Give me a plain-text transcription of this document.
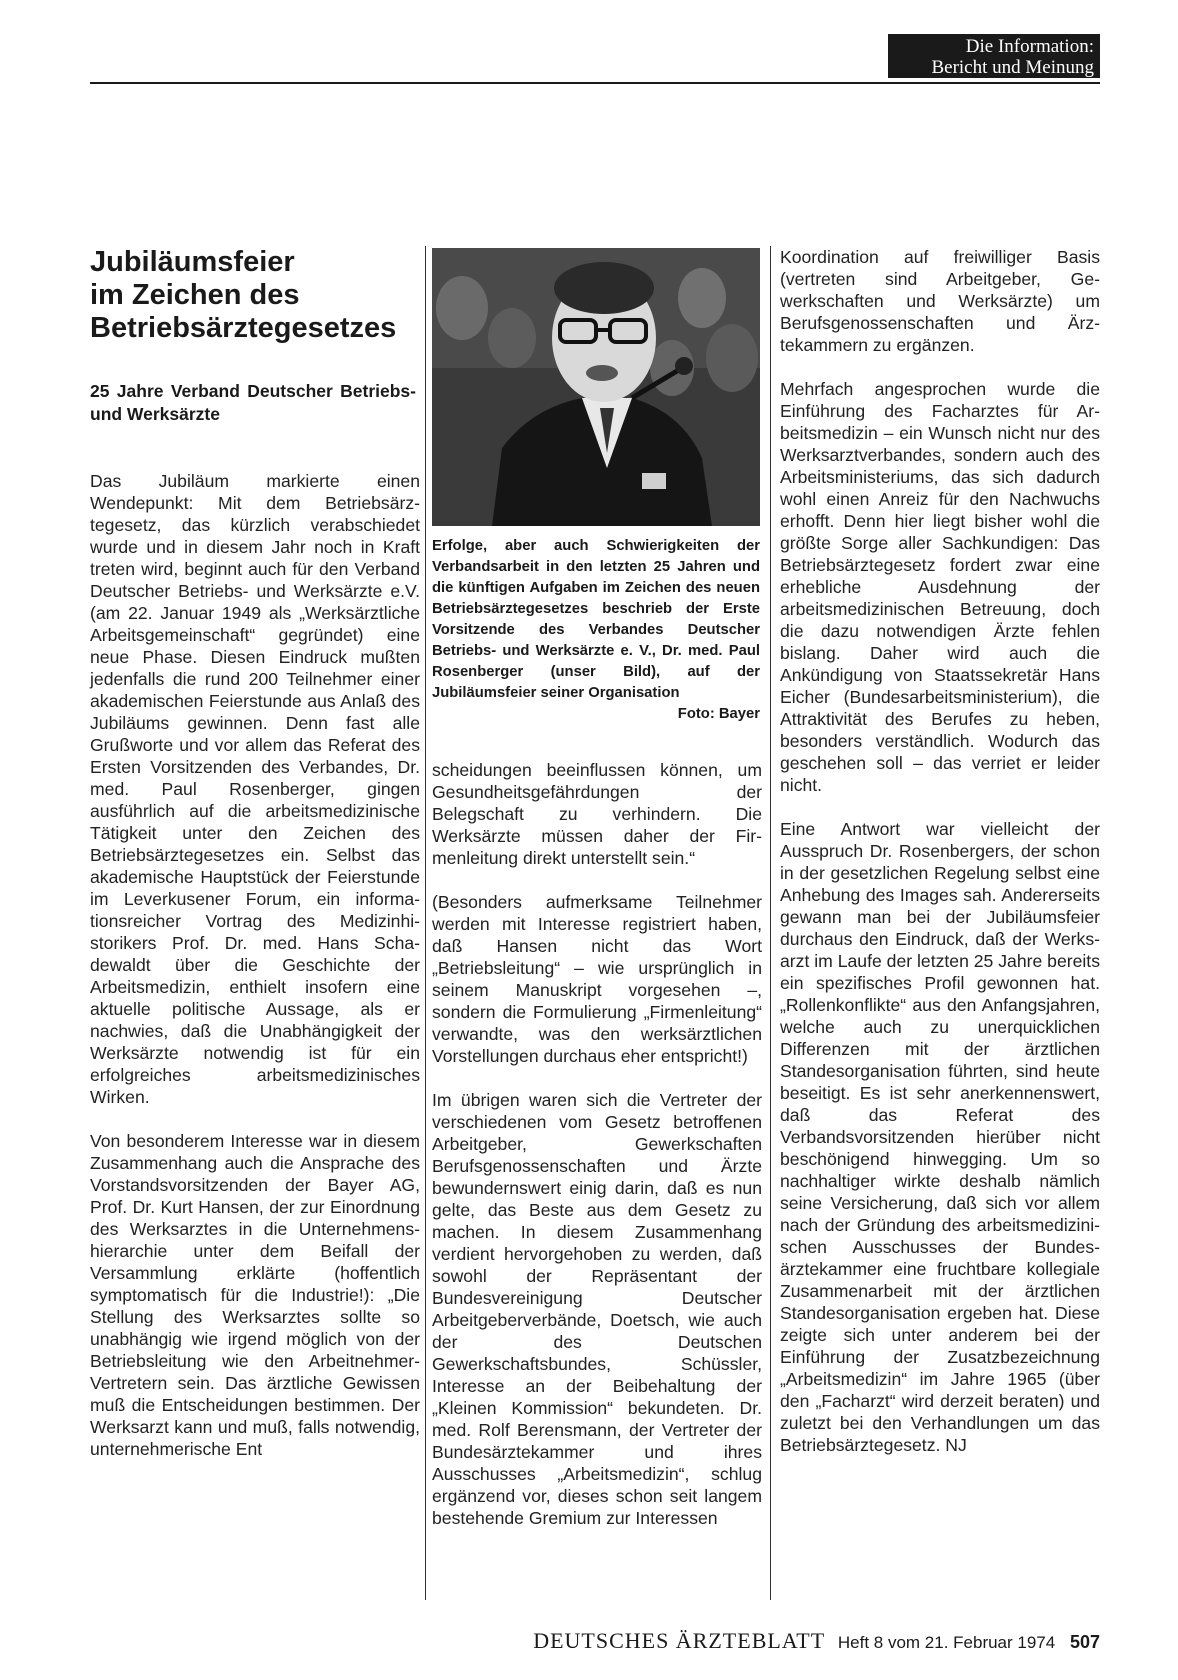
Die Information:
Bericht und Meinung
Jubiläumsfeier
im Zeichen des
Betriebsärztegesetzes

25 Jahre Verband Deutscher Betriebs- und Werksärzte

Das Jubiläum markierte einen Wendepunkt: Mit dem Betriebsärztegesetz, das kürzlich verabschiedet wurde und in diesem Jahr noch in Kraft treten wird, beginnt auch für den Verband Deutscher Betriebs- und Werksärzte e.V. (am 22. Januar 1949 als „Werksärztliche Arbeitsgemeinschaft“ gegründet) eine neue Phase. Diesen Eindruck mußten jedenfalls die rund 200 Teilnehmer einer akademischen Feierstunde aus Anlaß des Jubiläums gewinnen. Denn fast alle Grußworte und vor allem das Referat des Ersten Vorsitzenden des Verbandes, Dr. med. Paul Rosenberger, gingen ausführlich auf die arbeitsmedizinische Tätigkeit unter den Zeichen des Betriebsärztegesetzes ein. Selbst das akademische Hauptstück der Feierstunde im Leverkusener Forum, ein informationsreicher Vortrag des Medizinhistorikers Prof. Dr. med. Hans Schadewaldt über die Geschichte der Arbeitsmedizin, enthielt insofern eine aktuelle politische Aussage, als er nachwies, daß die Unabhängigkeit der Werksärzte notwendig ist für ein erfolgreiches arbeitsmedizinisches Wirken.

Von besonderem Interesse war in diesem Zusammenhang auch die Ansprache des Vorstandsvorsitzenden der Bayer AG, Prof. Dr. Kurt Hansen, der zur Einordnung des Werksarztes in die Unternehmenshierarchie unter dem Beifall der Versammlung erklärte (hoffentlich symptomatisch für die Industrie!): „Die Stellung des Werksarztes sollte so unabhängig wie irgend möglich von der Betriebsleitung wie den Arbeitnehmer-Vertretern sein. Das ärztliche Gewissen muß die Entscheidungen bestimmen. Der Werksarzt kann und muß, falls notwendig, unternehmerische Ent

Erfolge, aber auch Schwierigkeiten der Verbandsarbeit in den letzten 25 Jahren und die künftigen Aufgaben im Zeichen des neuen Betriebsärztegesetzes beschrieb der Erste Vorsitzende des Verbandes Deutscher Betriebs- und Werksärzte e. V., Dr. med. Paul Rosenberger (unser Bild), auf der Jubiläumsfeier seiner Organisation
Foto: Bayer

scheidungen beeinflussen können, um Gesundheitsgefährdungen der Belegschaft zu verhindern. Die Werksärzte müssen daher der Firmenleitung direkt unterstellt sein.“

(Besonders aufmerksame Teilnehmer werden mit Interesse registriert haben, daß Hansen nicht das Wort „Betriebsleitung“ – wie ursprünglich in seinem Manuskript vorgesehen –, sondern die Formulierung „Firmenleitung“ verwandte, was den werksärztlichen Vorstellungen durchaus eher entspricht!)

Im übrigen waren sich die Vertreter der verschiedenen vom Gesetz betroffenen Arbeitgeber, Gewerkschaften Berufsgenossenschaften und Ärzte bewundernswert einig darin, daß es nun gelte, das Beste aus dem Gesetz zu machen. In diesem Zusammenhang verdient hervorgehoben zu werden, daß sowohl der Repräsentant der Bundesvereinigung Deutscher Arbeitgeberverbände, Doetsch, wie auch der des Deutschen Gewerkschaftsbundes, Schüssler, Interesse an der Beibehaltung der „Kleinen Kommission“ bekundeten. Dr. med. Rolf Berensmann, der Vertreter der Bundesärztekammer und ihres Ausschusses „Arbeitsmedizin“, schlug ergänzend vor, dieses schon seit langem bestehende Gremium zur Interessen

Koordination auf freiwilliger Basis (vertreten sind Arbeitgeber, Gewerkschaften und Werksärzte) um Berufsgenossenschaften und Ärztekammern zu ergänzen.

Mehrfach angesprochen wurde die Einführung des Facharztes für Arbeitsmedizin – ein Wunsch nicht nur des Werksarztverbandes, sondern auch des Arbeitsministeriums, das sich dadurch wohl einen Anreiz für den Nachwuchs erhofft. Denn hier liegt bisher wohl die größte Sorge aller Sachkundigen: Das Betriebsärztegesetz fordert zwar eine erhebliche Ausdehnung der arbeitsmedizinischen Betreuung, doch die dazu notwendigen Ärzte fehlen bislang. Daher wird auch die Ankündigung von Staatssekretär Hans Eicher (Bundesarbeitsministerium), die Attraktivität des Berufes zu heben, besonders verständlich. Wodurch das geschehen soll – das verriet er leider nicht.

Eine Antwort war vielleicht der Ausspruch Dr. Rosenbergers, der schon in der gesetzlichen Regelung selbst eine Anhebung des Images sah. Andererseits gewann man bei der Jubiläumsfeier durchaus den Eindruck, daß der Werksarzt im Laufe der letzten 25 Jahre bereits ein spezifisches Profil gewonnen hat. „Rollenkonflikte“ aus den Anfangsjahren, welche auch zu unerquicklichen Differenzen mit der ärztlichen Standesorganisation führten, sind heute beseitigt. Es ist sehr anerkennenswert, daß das Referat des Verbandsvorsitzenden hierüber nicht beschönigend hinwegging. Um so nachhaltiger wirkte deshalb nämlich seine Versicherung, daß sich vor allem nach der Gründung des arbeitsmedizinischen Ausschusses der Bundesärztekammer eine fruchtbare kollegiale Zusammenarbeit mit der ärztlichen Standesorganisation ergeben hat. Diese zeigte sich unter anderem bei der Einführung der Zusatzbezeichnung „Arbeitsmedizin“ im Jahre 1965 (über den „Facharzt“ wird derzeit beraten) und zuletzt bei den Verhandlungen um das Betriebsärztegesetz. NJ

DEUTSCHES ÄRZTEBLATT Heft 8 vom 21. Februar 1974 507
